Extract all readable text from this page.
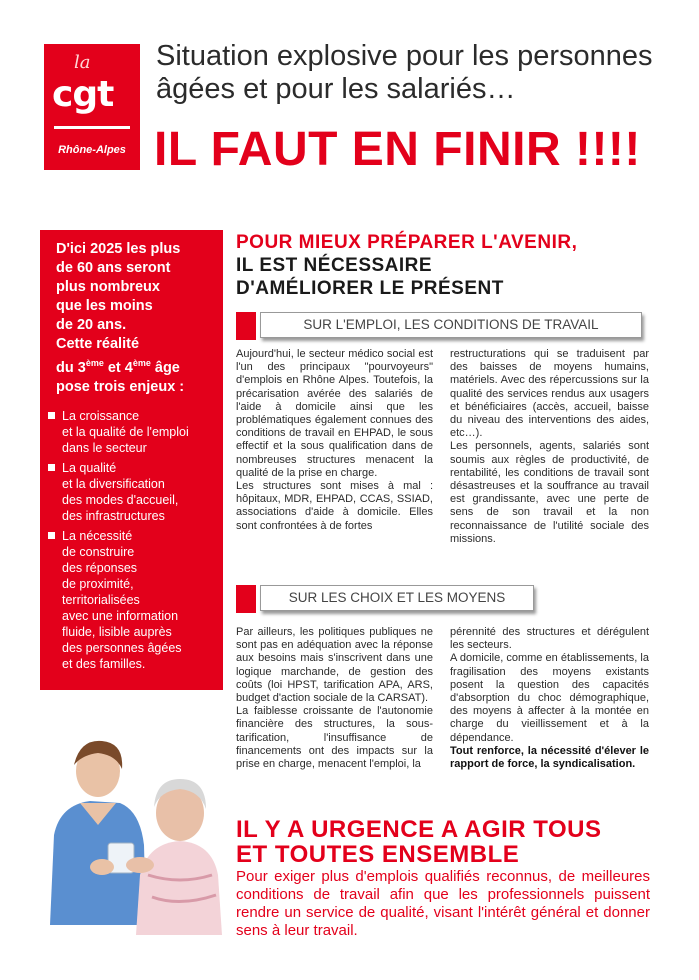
la
cgt
Rhône-Alpes
Situation explosive pour les personnes
âgées et pour les salariés…
IL FAUT EN FINIR !!!!
D'ici 2025 les plus
de 60 ans seront
plus nombreux
que les moins
de 20 ans.
Cette réalité
du 3ème et 4ème âge
pose trois enjeux :
La croissance
et la qualité de l'emploi
dans le secteur
La qualité
et la diversification
des modes d'accueil,
des infrastructures
La nécessité
de construire
des réponses
de proximité,
territorialisées
avec une information
fluide, lisible auprès
des personnes âgées
et des familles.
POUR MIEUX PRÉPARER L'AVENIR,
IL EST NÉCESSAIRE
D'AMÉLIORER LE PRÉSENT
SUR L'EMPLOI, LES CONDITIONS DE TRAVAIL

Aujourd'hui, le secteur médico social est l'un des principaux "pourvoyeurs" d'emplois en Rhône Alpes. Toutefois, la précarisation avérée des salariés de l'aide à domicile ainsi que les problématiques également connues des conditions de travail en EHPAD, le sous effectif et la sous qualification dans de nombreuses structures menacent la qualité de la prise en charge.

Les structures sont mises à mal : hôpitaux, MDR, EHPAD, CCAS, SSIAD, associations d'aide à domicile. Elles sont confrontées à de fortes

restructurations qui se traduisent par des baisses de moyens humains, matériels. Avec des répercussions sur la qualité des services rendus aux usagers et bénéficiaires (accès, accueil, baisse du niveau des interventions des aides, etc…).

Les personnels, agents, salariés sont soumis aux règles de productivité, de rentabilité, les conditions de travail sont désastreuses et la souffrance au travail est grandissante, avec une perte de sens de son travail et la non reconnaissance de l'utilité sociale des missions.

SUR LES CHOIX ET LES MOYENS

Par ailleurs, les politiques publiques ne sont pas en adéquation avec la réponse aux besoins mais s'inscrivent dans une logique marchande, de gestion des coûts (loi HPST, tarification APA, ARS, budget d'action sociale de la CARSAT).

La faiblesse croissante de l'autonomie financière des structures, la sous-tarification, l'insuffisance de financements ont des impacts sur la prise en charge, menacent l'emploi, la

pérennité des structures et dérégulent les secteurs.

A domicile, comme en établissements, la fragilisation des moyens existants posent la question des capacités d'absorption du choc démographique, des moyens à affecter à la montée en charge du vieillissement et à la dépendance.

Tout renforce, la nécessité d'élever le rapport de force, la syndicalisation.

IL Y A URGENCE A AGIR TOUS
ET TOUTES ENSEMBLE
Pour exiger plus d'emplois qualifiés reconnus, de meilleures conditions de travail afin que les professionnels puissent rendre un service de qualité, visant l'intérêt général et donner sens à leur travail.
